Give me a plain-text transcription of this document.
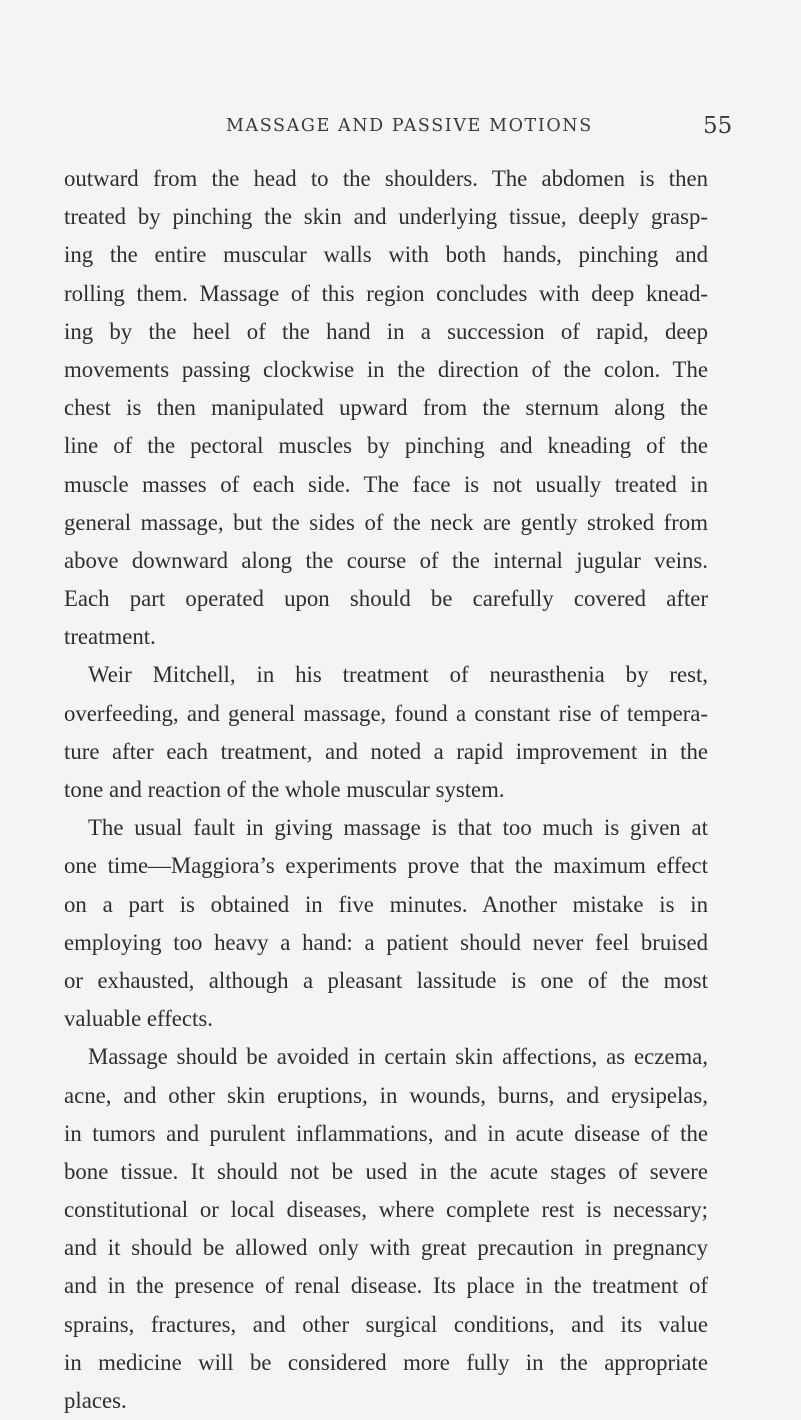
MASSAGE AND PASSIVE MOTIONS	55
outward from the head to the shoulders. The abdomen is then
treated by pinching the skin and underlying tissue, deeply grasp-
ing the entire muscular walls with both hands, pinching and
rolling them. Massage of this region concludes with deep knead-
ing by the heel of the hand in a succession of rapid, deep
movements passing clockwise in the direction of the colon. The
chest is then manipulated upward from the sternum along the
line of the pectoral muscles by pinching and kneading of the
muscle masses of each side. The face is not usually treated in
general massage, but the sides of the neck are gently stroked from
above downward along the course of the internal jugular veins.
Each part operated upon should be carefully covered after
treatment.
Weir Mitchell, in his treatment of neurasthenia by rest,
overfeeding, and general massage, found a constant rise of tempera-
ture after each treatment, and noted a rapid improvement in the
tone and reaction of the whole muscular system.
The usual fault in giving massage is that too much is given at
one time—Maggiora’s experiments prove that the maximum effect
on a part is obtained in five minutes. Another mistake is in
employing too heavy a hand: a patient should never feel bruised
or exhausted, although a pleasant lassitude is one of the most
valuable effects.
Massage should be avoided in certain skin affections, as eczema,
acne, and other skin eruptions, in wounds, burns, and erysipelas,
in tumors and purulent inflammations, and in acute disease of the
bone tissue. It should not be used in the acute stages of severe
constitutional or local diseases, where complete rest is necessary;
and it should be allowed only with great precaution in pregnancy
and in the presence of renal disease. Its place in the treatment of
sprains, fractures, and other surgical conditions, and its value
in medicine will be considered more fully in the appropriate
places.
